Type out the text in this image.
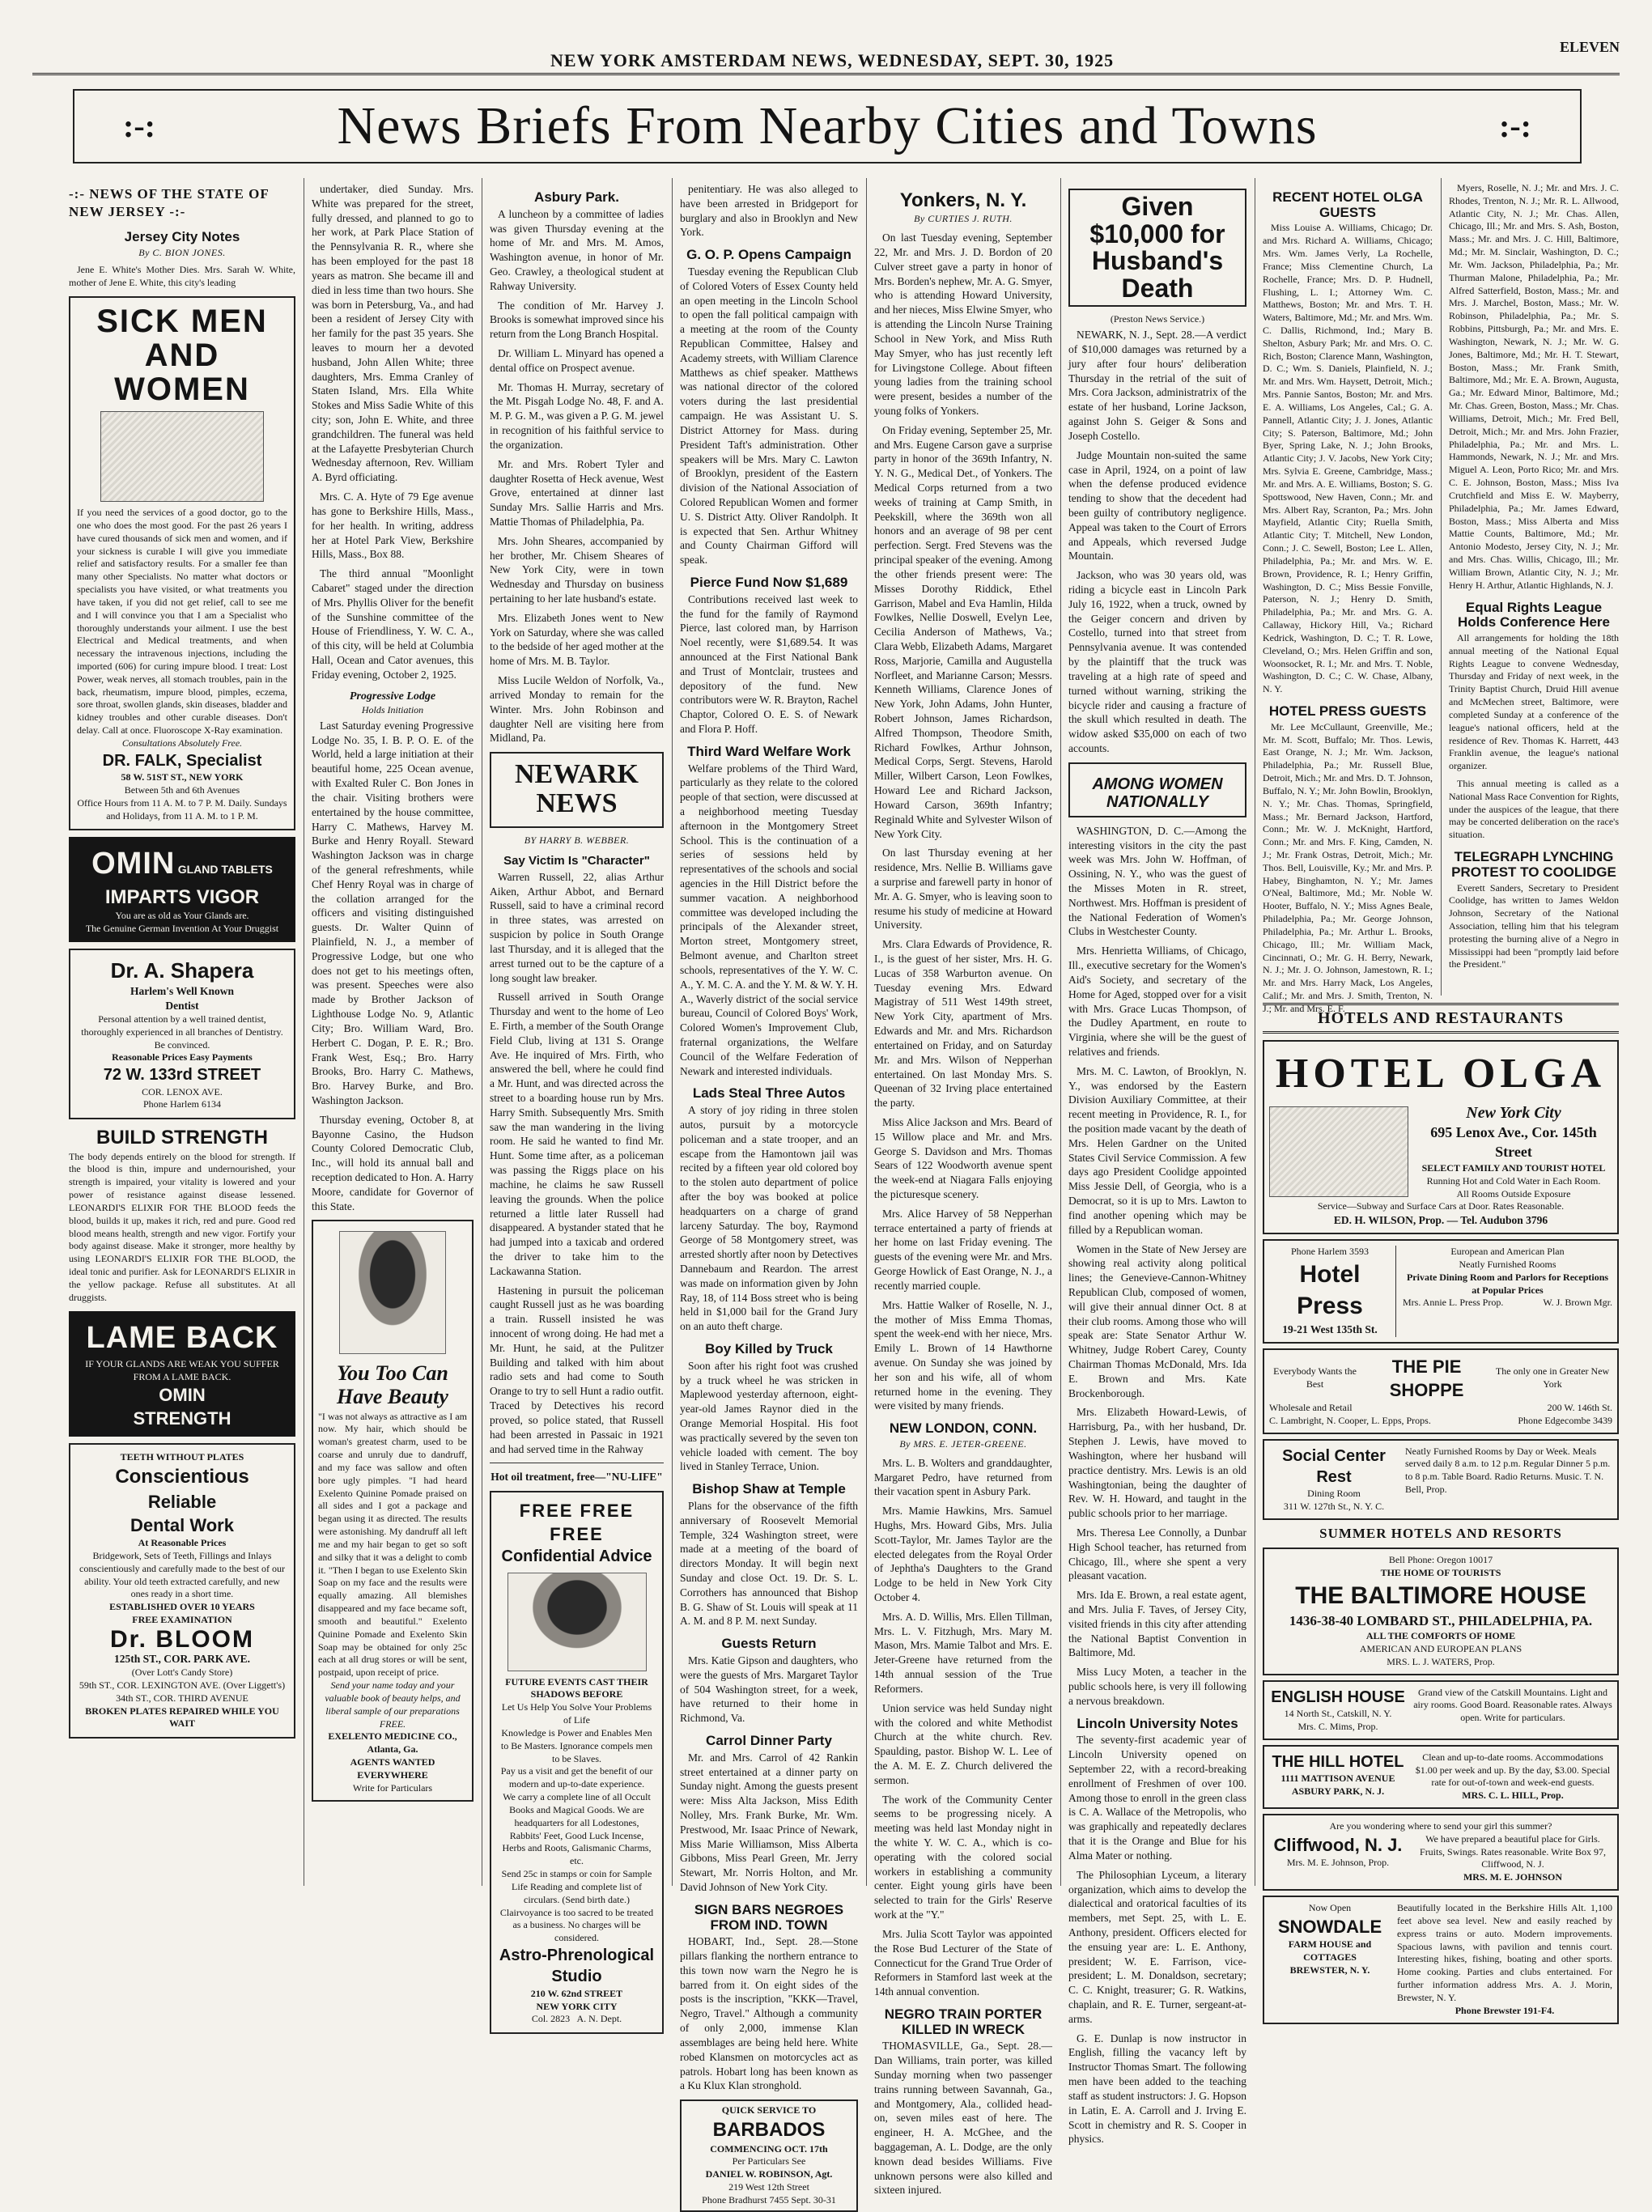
NEW YORK AMSTERDAM NEWS, WEDNESDAY, SEPT. 30, 1925
ELEVEN
:-:	News Briefs From Nearby Cities and Towns	:-:
-:- NEWS OF THE STATE OF NEW JERSEY -:-
Jersey City Notes
By C. BION JONES.
Jene E. White's Mother Dies. Mrs. Sarah W. White, mother of Jene E. White, this city's leading
SICK MEN AND WOMEN
If you need the services of a good doctor, go to the one who does the most good. For the past 26 years I have cured thousands of sick men and women, and if your sickness is curable I will give you immediate relief and satisfactory results. For a smaller fee than many other Specialists. No matter what doctors or specialists you have visited, or what treatments you have taken, if you did not get relief, call to see me and I will convince you that I am a Specialist who thoroughly understands your ailment. I use the best Electrical and Medical treatments, and when necessary the intravenous injections, including the imported (606) for curing impure blood. I treat: Lost Power, weak nerves, all stomach troubles, pain in the back, rheumatism, impure blood, pimples, eczema, sore throat, swollen glands, skin diseases, bladder and kidney troubles and other curable diseases. Don't delay. Call at once. Fluoroscope X-Ray examination.
Consultations Absolutely Free.
DR. FALK, Specialist
58 W. 51ST ST., NEW YORK
Between 5th and 6th Avenues
Office Hours from 11 A. M. to 7 P. M. Daily. Sundays and Holidays, from 11 A. M. to 1 P. M.
OMIN GLAND TABLETS
IMPARTS VIGOR
You are as old as Your Glands are.
The Genuine German Invention At Your Druggist
Dr. A. Shapera
Harlem's Well Known
Dentist
Personal attention by a well trained dentist, thoroughly experienced in all branches of Dentistry. Be convinced.
Reasonable Prices Easy Payments
72 W. 133rd STREET
COR. LENOX AVE.
Phone Harlem 6134
BUILD STRENGTH
The body depends entirely on the blood for strength. If the blood is thin, impure and undernourished, your strength is impaired, your vitality is lowered and your power of resistance against disease lessened. LEONARDI'S ELIXIR FOR THE BLOOD feeds the blood, builds it up, makes it rich, red and pure. Good red blood means health, strength and new vigor. Fortify your body against disease. Make it stronger, more healthy by using LEONARDI'S ELIXIR FOR THE BLOOD, the ideal tonic and purifier. Ask for LEONARDI'S ELIXIR in the yellow package. Refuse all substitutes. At all druggists.
LAME BACK
IF YOUR GLANDS ARE WEAK YOU SUFFER FROM A LAME BACK.
OMIN
STRENGTH
TEETH WITHOUT PLATES
Conscientious
Reliable
Dental Work
At Reasonable Prices
Bridgework, Sets of Teeth, Fillings and Inlays conscientiously and carefully made to the best of our ability. Your old teeth extracted carefully, and new ones ready in a short time.
ESTABLISHED OVER 10 YEARS
FREE EXAMINATION
Dr. BLOOM
125th ST., COR. PARK AVE.
(Over Lott's Candy Store)
59th ST., COR. LEXINGTON AVE. (Over Liggett's)
34th ST., COR. THIRD AVENUE
BROKEN PLATES REPAIRED WHILE YOU WAIT
undertaker, died Sunday. Mrs. White was prepared for the street, fully dressed, and planned to go to her work, at Park Place Station of the Pennsylvania R. R., where she has been employed for the past 18 years as matron. She became ill and died in less time than two hours. She was born in Petersburg, Va., and had been a resident of Jersey City with her family for the past 35 years. She leaves to mourn her a devoted husband, John Allen White; three daughters, Mrs. Emma Cranley of Staten Island, Mrs. Ella White Stokes and Miss Sadie White of this city; son, John E. White, and three grandchildren. The funeral was held at the Lafayette Presbyterian Church Wednesday afternoon, Rev. William A. Byrd officiating.
Mrs. C. A. Hyte of 79 Ege avenue has gone to Berkshire Hills, Mass., for her health. In writing, address her at Hotel Park View, Berkshire Hills, Mass., Box 88.
The third annual "Moonlight Cabaret" staged under the direction of Mrs. Phyllis Oliver for the benefit of the Sunshine committee of the House of Friendliness, Y. W. C. A., of this city, will be held at Columbia Hall, Ocean and Cator avenues, this Friday evening, October 2, 1925.
Progressive Lodge
Holds Initiation
Last Saturday evening Progressive Lodge No. 35, I. B. P. O. E. of the World, held a large initiation at their beautiful home, 225 Ocean avenue, with Exalted Ruler C. Bon Jones in the chair. Visiting brothers were entertained by the house committee, Harry C. Mathews, Harvey M. Burke and Henry Royall. Steward Washington Jackson was in charge of the general refreshments, while Chef Henry Royal was in charge of the collation arranged for the officers and visiting distinguished guests. Dr. Walter Quinn of Plainfield, N. J., a member of Progressive Lodge, but one who does not get to his meetings often, was present. Speeches were also made by Brother Jackson of Lighthouse Lodge No. 9, Atlantic City; Bro. William Ward, Bro. Herbert C. Dogan, P. E. R.; Bro. Frank West, Esq.; Bro. Harry Brooks, Bro. Harry C. Mathews, Bro. Harvey Burke, and Bro. Washington Jackson.
Thursday evening, October 8, at Bayonne Casino, the Hudson County Colored Democratic Club, Inc., will hold its annual ball and reception dedicated to Hon. A. Harry Moore, candidate for Governor of this State.
You Too Can Have Beauty
"I was not always as attractive as I am now. My hair, which should be woman's greatest charm, used to be coarse and unruly due to dandruff, and my face was sallow and often bore ugly pimples. "I had heard Exelento Quinine Pomade praised on all sides and I got a package and began using it as directed. The results were astonishing. My dandruff all left me and my hair began to get so soft and silky that it was a delight to comb it. "Then I began to use Exelento Skin Soap on my face and the results were equally amazing. All blemishes disappeared and my face became soft, smooth and beautiful." Exelento Quinine Pomade and Exelento Skin Soap may be obtained for only 25c each at all drug stores or will be sent, postpaid, upon receipt of price.
Send your name today and your valuable book of beauty helps, and liberal sample of our preparations FREE.
EXELENTO MEDICINE CO., Atlanta, Ga.
AGENTS WANTED EVERYWHERE
Write for Particulars
Asbury Park.
A luncheon by a committee of ladies was given Thursday evening at the home of Mr. and Mrs. M. Amos, Washington avenue, in honor of Mr. Geo. Crawley, a theological student at Rahway University.
The condition of Mr. Harvey J. Brooks is somewhat improved since his return from the Long Branch Hospital.
Dr. William L. Minyard has opened a dental office on Prospect avenue.
Mr. Thomas H. Murray, secretary of the Mt. Pisgah Lodge No. 48, F. and A. M. P. G. M., was given a P. G. M. jewel in recognition of his faithful service to the organization.
Mr. and Mrs. Robert Tyler and daughter Rosetta of Heck avenue, West Grove, entertained at dinner last Sunday Mrs. Sallie Harris and Mrs. Mattie Thomas of Philadelphia, Pa.
Mrs. John Sheares, accompanied by her brother, Mr. Chisem Sheares of New York City, were in town Wednesday and Thursday on business pertaining to her late husband's estate.
Mrs. Elizabeth Jones went to New York on Saturday, where she was called to the bedside of her aged mother at the home of Mrs. M. B. Taylor.
Miss Lucile Weldon of Norfolk, Va., arrived Monday to remain for the Winter. Mrs. John Robinson and daughter Nell are visiting here from Midland, Pa.
NEWARK NEWS
BY HARRY B. WEBBER.
Say Victim Is "Character"
Warren Russell, 22, alias Arthur Aiken, Arthur Abbot, and Bernard Russell, said to have a criminal record in three states, was arrested on suspicion by police in South Orange last Thursday, and it is alleged that the arrest turned out to be the capture of a long sought law breaker.
Russell arrived in South Orange Thursday and went to the home of Leo E. Firth, a member of the South Orange Field Club, living at 131 S. Orange Ave. He inquired of Mrs. Firth, who answered the bell, where he could find a Mr. Hunt, and was directed across the street to a boarding house run by Mrs. Harry Smith. Subsequently Mrs. Smith saw the man wandering in the living room. He said he wanted to find Mr. Hunt. Some time after, as a policeman was passing the Riggs place on his machine, he claims he saw Russell leaving the grounds. When the police returned a little later Russell had disappeared. A bystander stated that he had jumped into a taxicab and ordered the driver to take him to the Lackawanna Station.
Hastening in pursuit the policeman caught Russell just as he was boarding a train. Russell insisted he was innocent of wrong doing. He had met a Mr. Hunt, he said, at the Pulitzer Building and talked with him about radio sets and had come to South Orange to try to sell Hunt a radio outfit. Traced by Detectives his record proved, so police stated, that Russell had been arrested in Passaic in 1921 and had served time in the Rahway
Hot oil treatment, free—"NU-LIFE"
FREE FREE FREE
Confidential Advice
FUTURE EVENTS CAST THEIR SHADOWS BEFORE
Let Us Help You Solve Your Problems of Life
Knowledge is Power and Enables Men to Be Masters. Ignorance compels men to be Slaves.
Pay us a visit and get the benefit of our modern and up-to-date experience.
We carry a complete line of all Occult Books and Magical Goods. We are headquarters for all Lodestones, Rabbits' Feet, Good Luck Incense, Herbs and Roots, Galismanic Charms, etc.
Send 25c in stamps or coin for Sample Life Reading and complete list of circulars. (Send birth date.) Clairvoyance is too sacred to be treated as a business. No charges will be considered.
Astro-Phrenological Studio
210 W. 62nd STREET
NEW YORK CITY
Col. 2823 A. N. Dept.
penitentiary. He was also alleged to have been arrested in Bridgeport for burglary and also in Brooklyn and New York.
G. O. P. Opens Campaign
Tuesday evening the Republican Club of Colored Voters of Essex County held an open meeting in the Lincoln School to open the fall political campaign with a meeting at the room of the County Republican Committee, Halsey and Academy streets, with William Clarence Matthews as chief speaker. Matthews was national director of the colored voters during the last presidential campaign. He was Assistant U. S. District Attorney for Mass. during President Taft's administration. Other speakers will be Mrs. Mary C. Lawton of Brooklyn, president of the Eastern division of the National Association of Colored Republican Women and former U. S. District Atty. Oliver Randolph. It is expected that Sen. Arthur Whitney and County Chairman Gifford will speak.
Pierce Fund Now $1,689
Contributions received last week to the fund for the family of Raymond Pierce, last colored man, by Harrison Noel recently, were $1,689.54. It was announced at the First National Bank and Trust of Montclair, trustees and depository of the fund. New contributors were W. R. Brayton, Rachel Chaptor, Colored O. E. S. of Newark and Flora P. Hoff.
Third Ward Welfare Work
Welfare problems of the Third Ward, particularly as they relate to the colored people of that section, were discussed at a neighborhood meeting Tuesday afternoon in the Montgomery Street School. This is the continuation of a series of sessions held by representatives of the schools and social agencies in the Hill District before the summer vacation. A neighborhood committee was developed including the principals of the Alexander street, Morton street, Montgomery street, Belmont avenue, and Charlton street schools, representatives of the Y. W. C. A., Y. M. C. A. and the Y. M. & W. Y. H. A., Waverly district of the social service bureau, Council of Colored Boys' Work, Colored Women's Improvement Club, fraternal organizations, the Welfare Council of the Welfare Federation of Newark and interested individuals.
Lads Steal Three Autos
A story of joy riding in three stolen autos, pursuit by a motorcycle policeman and a state trooper, and an escape from the Hamontown jail was recited by a fifteen year old colored boy to the stolen auto department of police after the boy was booked at police headquarters on a charge of grand larceny Saturday. The boy, Raymond George of 58 Montgomery street, was arrested shortly after noon by Detectives Dannebaum and Reardon. The arrest was made on information given by John Ray, 18, of 114 Boss street who is being held in $1,000 bail for the Grand Jury on an auto theft charge.
Boy Killed by Truck
Soon after his right foot was crushed by a truck wheel he was stricken in Maplewood yesterday afternoon, eight-year-old James Raynor died in the Orange Memorial Hospital. His foot was practically severed by the seven ton vehicle loaded with cement. The boy lived in Stanley Terrace, Union.
Bishop Shaw at Temple
Plans for the observance of the fifth anniversary of Roosevelt Memorial Temple, 324 Washington street, were made at a meeting of the board of directors Monday. It will begin next Sunday and close Oct. 19. Dr. S. L. Corrothers has announced that Bishop B. G. Shaw of St. Louis will speak at 11 A. M. and 8 P. M. next Sunday.
Guests Return
Mrs. Katie Gipson and daughters, who were the guests of Mrs. Margaret Taylor of 504 Washington street, for a week, have returned to their home in Richmond, Va.
Carrol Dinner Party
Mr. and Mrs. Carrol of 42 Rankin street entertained at a dinner party on Sunday night. Among the guests present were: Miss Alta Jackson, Miss Edith Nolley, Mrs. Frank Burke, Mr. Wm. Prestwood, Mr. Isaac Prince of Newark, Miss Marie Williamson, Miss Alberta Gibbons, Miss Pearl Green, Mr. Jerry Stewart, Mr. Norris Holton, and Mr. David Johnson of New York City.
SIGN BARS NEGROES FROM IND. TOWN
HOBART, Ind., Sept. 28.—Stone pillars flanking the northern entrance to this town now warn the Negro he is barred from it. On eight sides of the posts is the inscription, "KKK—Travel, Negro, Travel." Although a community of only 2,000, immense Klan assemblages are being held here. White robed Klansmen on motorcycles act as patrols. Hobart long has been known as a Ku Klux Klan stronghold.
QUICK SERVICE TO
BARBADOS
COMMENCING OCT. 17th
Per Particulars See
DANIEL W. ROBINSON, Agt.
219 West 12th Street
Phone Bradhurst 7455 Sept. 30-31
Yonkers, N. Y.
By CURTIES J. RUTH.
On last Tuesday evening, September 22, Mr. and Mrs. J. D. Bordon of 20 Culver street gave a party in honor of Mrs. Borden's nephew, Mr. A. G. Smyer, who is attending Howard University, and her nieces, Miss Elwine Smyer, who is attending the Lincoln Nurse Training School in New York, and Miss Ruth May Smyer, who has just recently left for Livingstone College. About fifteen young ladies from the training school were present, besides a number of the young folks of Yonkers.
On Friday evening, September 25, Mr. and Mrs. Eugene Carson gave a surprise party in honor of the 369th Infantry, N. Y. N. G., Medical Det., of Yonkers. The Medical Corps returned from a two weeks of training at Camp Smith, in Peekskill, where the 369th won all honors and an average of 98 per cent perfection. Sergt. Fred Stevens was the principal speaker of the evening. Among the other friends present were: The Misses Dorothy Riddick, Ethel Garrison, Mabel and Eva Hamlin, Hilda Fowlkes, Nellie Doswell, Evelyn Lee, Cecilia Anderson of Mathews, Va.; Clara Webb, Elizabeth Adams, Margaret Ross, Marjorie, Camilla and Augustella Norfleet, and Marianne Carson; Messrs. Kenneth Williams, Clarence Jones of New York, John Adams, John Hunter, Robert Johnson, James Richardson, Alfred Thompson, Theodore Smith, Richard Fowlkes, Arthur Johnson, Medical Corps, Sergt. Stevens, Harold Miller, Wilbert Carson, Leon Fowlkes, Howard Lee and Richard Jackson, Howard Carson, 369th Infantry; Reginald White and Sylvester Wilson of New York City.
On last Thursday evening at her residence, Mrs. Nellie B. Williams gave a surprise and farewell party in honor of Mr. A. G. Smyer, who is leaving soon to resume his study of medicine at Howard University.
Mrs. Clara Edwards of Providence, R. I., is the guest of her sister, Mrs. H. G. Lucas of 358 Warburton avenue. On Tuesday evening Mrs. Edward Magistray of 511 West 149th street, New York City, apartment of Mrs. Edwards and Mr. and Mrs. Richardson entertained on Friday, and on Saturday Mr. and Mrs. Wilson of Nepperhan entertained. On last Monday Mrs. S. Queenan of 32 Irving place entertained the party.
Miss Alice Jackson and Mrs. Beard of 15 Willow place and Mr. and Mrs. George S. Davidson and Mrs. Thomas Sears of 122 Woodworth avenue spent the week-end at Niagara Falls enjoying the picturesque scenery.
Mrs. Alice Harvey of 58 Nepperhan terrace entertained a party of friends at her home on last Friday evening. The guests of the evening were Mr. and Mrs. George Howlick of East Orange, N. J., a recently married couple.
Mrs. Hattie Walker of Roselle, N. J., the mother of Miss Emma Thomas, spent the week-end with her niece, Mrs. Emily L. Brown of 14 Hawthorne avenue. On Sunday she was joined by her son and his wife, all of whom returned home in the evening. They were visited by many friends.
NEW LONDON, CONN.
By MRS. E. JETER-GREENE.
Mrs. L. B. Wolters and granddaughter, Margaret Pedro, have returned from their vacation spent in Asbury Park.
Mrs. Mamie Hawkins, Mrs. Samuel Hughs, Mrs. Howard Gibs, Mrs. Julia Scott-Taylor, Mr. James Taylor are the elected delegates from the Royal Order of Jephtha's Daughters to the Grand Lodge to be held in New York City October 4.
Mrs. A. D. Willis, Mrs. Ellen Tillman, Mrs. L. V. Fitzhugh, Mrs. Mary M. Mason, Mrs. Mamie Talbot and Mrs. E. Jeter-Greene have returned from the 14th annual session of the True Reformers.
Union service was held Sunday night with the colored and white Methodist Church at the white church. Rev. Spaulding, pastor. Bishop W. L. Lee of the A. M. E. Z. Church delivered the sermon.
The work of the Community Center seems to be progressing nicely. A meeting was held last Monday night in the white Y. W. C. A., which is co-operating with the colored social workers in establishing a community center. Eight young girls have been selected to train for the Girls' Reserve work at the "Y."
Mrs. Julia Scott Taylor was appointed the Rose Bud Lecturer of the State of Connecticut for the Grand True Order of Reformers in Stamford last week at the 14th annual convention.
NEGRO TRAIN PORTER KILLED IN WRECK
THOMASVILLE, Ga., Sept. 28.—Dan Williams, train porter, was killed Sunday morning when two passenger trains running between Savannah, Ga., and Montgomery, Ala., collided head-on, seven miles east of here. The engineer, H. A. McGhee, and the baggageman, A. L. Dodge, are the only known dead besides Williams. Five unknown persons were also killed and sixteen injured.
Given $10,000 for Husband's Death
(Preston News Service.)
NEWARK, N. J., Sept. 28.—A verdict of $10,000 damages was returned by a jury after four hours' deliberation Thursday in the retrial of the suit of Mrs. Cora Jackson, administratrix of the estate of her husband, Lorine Jackson, against John S. Geiger & Sons and Joseph Costello.
Judge Mountain non-suited the same case in April, 1924, on a point of law when the defense produced evidence tending to show that the decedent had been guilty of contributory negligence. Appeal was taken to the Court of Errors and Appeals, which reversed Judge Mountain.
Jackson, who was 30 years old, was riding a bicycle east in Lincoln Park July 16, 1922, when a truck, owned by the Geiger concern and driven by Costello, turned into that street from Pennsylvania avenue. It was contended by the plaintiff that the truck was traveling at a high rate of speed and turned without warning, striking the bicycle rider and causing a fracture of the skull which resulted in death. The widow asked $35,000 on each of two accounts.
AMONG WOMEN NATIONALLY
WASHINGTON, D. C.—Among the interesting visitors in the city the past week was Mrs. John W. Hoffman, of Ossining, N. Y., who was the guest of the Misses Moten in R. street, Northwest. Mrs. Hoffman is president of the National Federation of Women's Clubs in Westchester County.
Mrs. Henrietta Williams, of Chicago, Ill., executive secretary for the Women's Aid's Society, and secretary of the Home for Aged, stopped over for a visit with Mrs. Grace Lucas Thompson, of the Dudley Apartment, en route to Virginia, where she will be the guest of relatives and friends.
Mrs. M. C. Lawton, of Brooklyn, N. Y., was endorsed by the Eastern Division Auxiliary Committee, at their recent meeting in Providence, R. I., for the position made vacant by the death of Mrs. Helen Gardner on the United States Civil Service Commission. A few days ago President Coolidge appointed Miss Jessie Dell, of Georgia, who is a Democrat, so it is up to Mrs. Lawton to find another opening which may be filled by a Republican woman.
Women in the State of New Jersey are showing real activity along political lines; the Genevieve-Cannon-Whitney Republican Club, composed of women, will give their annual dinner Oct. 8 at their club rooms. Among those who will speak are: State Senator Arthur W. Whitney, Judge Robert Carey, County Chairman Thomas McDonald, Mrs. Ida E. Brown and Mrs. Kate Brockenborough.
Mrs. Elizabeth Howard-Lewis, of Harrisburg, Pa., with her husband, Dr. Stephen J. Lewis, have moved to Washington, where her husband will practice dentistry. Mrs. Lewis is an old Washingtonian, being the daughter of Rev. W. H. Howard, and taught in the public schools prior to her marriage.
Mrs. Theresa Lee Connolly, a Dunbar High School teacher, has returned from Chicago, Ill., where she spent a very pleasant vacation.
Mrs. Ida E. Brown, a real estate agent, and Mrs. Julia F. Taves, of Jersey City, visited friends in this city after attending the National Baptist Convention in Baltimore, Md.
Miss Lucy Moten, a teacher in the public schools here, is very ill following a nervous breakdown.
Lincoln University Notes
The seventy-first academic year of Lincoln University opened on September 22, with a record-breaking enrollment of Freshmen of over 100. Among those to enroll in the green class is C. A. Wallace of the Metropolis, who was graphically and repeatedly declares that it is the Orange and Blue for his Alma Mater or nothing.
The Philosophian Lyceum, a literary organization, which aims to develop the dialectical and oratorical faculties of its members, met Sept. 25, with L. E. Anthony, president. Officers elected for the ensuing year are: L. E. Anthony, president; W. E. Farrison, vice-president; L. M. Donaldson, secretary; C. C. Knight, treasurer; G. R. Watkins, chaplain, and R. E. Turner, sergeant-at-arms.
G. E. Dunlap is now instructor in English, filling the vacancy left by Instructor Thomas Smart. The following men have been added to the teaching staff as student instructors: J. G. Hopson in Latin, E. A. Carroll and J. Irving E. Scott in chemistry and R. S. Cooper in physics.
RECENT HOTEL OLGA GUESTS
Miss Louise A. Williams, Chicago; Dr. and Mrs. Richard A. Williams, Chicago; Mrs. Wm. James Verly, La Rochelle, France; Miss Clementine Church, La Rochelle, France; Mrs. D. P. Hudnell, Flushing, L. I.; Attorney Wm. C. Matthews, Boston; Mr. and Mrs. T. H. Waters, Baltimore, Md.; Mr. and Mrs. Wm. C. Dallis, Richmond, Ind.; Mary B. Shelton, Asbury Park; Mr. and Mrs. O. C. Rich, Boston; Clarence Mann, Washington, D. C.; Wm. S. Daniels, Plainfield, N. J.; Mr. and Mrs. Wm. Haysett, Detroit, Mich.; Mrs. Pannie Santos, Boston; Mr. and Mrs. E. A. Williams, Los Angeles, Cal.; G. A. Pannell, Atlantic City; J. J. Jones, Atlantic City; S. Paterson, Baltimore, Md.; John Byer, Spring Lake, N. J.; John Brooks, Atlantic City; J. V. Jacobs, New York City; Mrs. Sylvia E. Greene, Cambridge, Mass.; Mr. and Mrs. A. E. Williams, Boston; S. G. Spottswood, New Haven, Conn.; Mr. and Mrs. Albert Ray, Scranton, Pa.; Mrs. John Mayfield, Atlantic City; Ruella Smith, Atlantic City; T. Mitchell, New London, Conn.; J. C. Sewell, Boston; Lee L. Allen, Philadelphia, Pa.; Mr. and Mrs. W. E. Brown, Providence, R. I.; Henry Griffin, Washington, D. C.; Miss Bessie Fonville, Paterson, N. J.; Henry D. Smith, Philadelphia, Pa.; Mr. and Mrs. G. A. Callaway, Hickory Hill, Va.; Richard Kedrick, Washington, D. C.; T. R. Lowe, Cleveland, O.; Mrs. Helen Griffin and son, Woonsocket, R. I.; Mr. and Mrs. T. Noble, Washington, D. C.; C. W. Chase, Albany, N. Y.
HOTEL PRESS GUESTS
Mr. Lee McCullaunt, Greenville, Me.; Mr. M. Scott, Buffalo; Mr. Thos. Lewis, East Orange, N. J.; Mr. Wm. Jackson, Philadelphia, Pa.; Mr. Russell Blue, Detroit, Mich.; Mr. and Mrs. D. T. Johnson, Buffalo, N. Y.; Mr. John Bowlin, Brooklyn, N. Y.; Mr. Chas. Thomas, Springfield, Mass.; Mr. Bernard Jackson, Hartford, Conn.; Mr. W. J. McKnight, Hartford, Conn.; Mr. and Mrs. F. King, Camden, N. J.; Mr. Frank Ostras, Detroit, Mich.; Mr. Thos. Bell, Louisville, Ky.; Mr. and Mrs. P. Habey, Binghamton, N. Y.; Mr. James O'Neal, Baltimore, Md.; Mr. Noble W. Hooter, Buffalo, N. Y.; Miss Agnes Beale, Philadelphia, Pa.; Mr. George Johnson, Philadelphia, Pa.; Mr. Arthur L. Brooks, Chicago, Ill.; Mr. William Mack, Cincinnati, O.; Mr. G. H. Berry, Newark, N. J.; Mr. J. O. Johnson, Jamestown, R. I.; Mr. and Mrs. Harry Mack, Los Angeles, Calif.; Mr. and Mrs. J. Smith, Trenton, N. J.; Mr. and Mrs. E. F.
Myers, Roselle, N. J.; Mr. and Mrs. J. C. Rhodes, Trenton, N. J.; Mr. R. L. Allwood, Atlantic City, N. J.; Mr. Chas. Allen, Chicago, Ill.; Mr. and Mrs. S. Ash, Boston, Mass.; Mr. and Mrs. J. C. Hill, Baltimore, Md.; Mr. M. Sinclair, Washington, D. C.; Mr. Wm. Jackson, Philadelphia, Pa.; Mr. Thurman Malone, Philadelphia, Pa.; Mr. Alfred Satterfield, Boston, Mass.; Mr. and Mrs. J. Marchel, Boston, Mass.; Mr. W. Robinson, Philadelphia, Pa.; Mr. S. Robbins, Pittsburgh, Pa.; Mr. and Mrs. E. Washington, Newark, N. J.; Mr. W. G. Jones, Baltimore, Md.; Mr. H. T. Stewart, Boston, Mass.; Mr. Frank Smith, Baltimore, Md.; Mr. E. A. Brown, Augusta, Ga.; Mr. Edward Minor, Baltimore, Md.; Mr. Chas. Green, Boston, Mass.; Mr. Chas. Williams, Detroit, Mich.; Mr. Fred Bell, Detroit, Mich.; Mr. and Mrs. John Frazier, Philadelphia, Pa.; Mr. and Mrs. L. Hammonds, Newark, N. J.; Mr. and Mrs. Miguel A. Leon, Porto Rico; Mr. and Mrs. C. E. Johnson, Boston, Mass.; Miss Iva Crutchfield and Miss E. W. Mayberry, Philadelphia, Pa.; Mr. James Edward, Boston, Mass.; Miss Alberta and Miss Mattie Counts, Baltimore, Md.; Mr. Antonio Modesto, Jersey City, N. J.; Mr. and Mrs. Chas. Willis, Chicago, Ill.; Mr. William Brown, Atlantic City, N. J.; Mr. Henry H. Arthur, Atlantic Highlands, N. J.
Equal Rights League Holds Conference Here
All arrangements for holding the 18th annual meeting of the National Equal Rights League to convene Wednesday, Thursday and Friday of next week, in the Trinity Baptist Church, Druid Hill avenue and McMechen street, Baltimore, were completed Sunday at a conference of the league's national officers, held at the residence of Rev. Thomas K. Harrett, 443 Franklin avenue, the league's national organizer.
This annual meeting is called as a National Mass Race Convention for Rights, under the auspices of the league, that there may be concerted deliberation on the race's situation.
TELEGRAPH LYNCHING PROTEST TO COOLIDGE
Everett Sanders, Secretary to President Coolidge, has written to James Weldon Johnson, Secretary of the National Association, telling him that his telegram protesting the burning alive of a Negro in Mississippi had been "promptly laid before the President."
HOTELS AND RESTAURANTS
HOTEL OLGA
New York City
695 Lenox Ave., Cor. 145th Street
SELECT FAMILY AND TOURIST HOTEL
Running Hot and Cold Water in Each Room.
All Rooms Outside Exposure
Service—Subway and Surface Cars at Door. Rates Reasonable.
ED. H. WILSON, Prop. — Tel. Audubon 3796
Phone Harlem 3593
Hotel Press
19-21 West 135th St.
European and American Plan
Neatly Furnished Rooms
Private Dining Room and Parlors for Receptions at Popular Prices
Mrs. Annie L. Press Prop.	W. J. Brown Mgr.
Everybody Wants the Best
THE PIE SHOPPE
The only one in Greater New York
Wholesale and Retail	200 W. 146th St.
C. Lambright, N. Cooper, L. Epps, Props.	Phone Edgecombe 3439
Social Center Rest
Dining Room
311 W. 127th St., N. Y. C.
Neatly Furnished Rooms by Day or Week. Meals served daily 8 a.m. to 12 p.m. Regular Dinner 5 p.m. to 8 p.m. Table Board. Radio Returns. Music. T. N. Bell, Prop.
SUMMER HOTELS AND RESORTS
Bell Phone: Oregon 10017
THE HOME OF TOURISTS
THE BALTIMORE HOUSE
1436-38-40 LOMBARD ST., PHILADELPHIA, PA.
ALL THE COMFORTS OF HOME
AMERICAN AND EUROPEAN PLANS
MRS. L. J. WATERS, Prop.
ENGLISH HOUSE
14 North St., Catskill, N. Y.
Mrs. C. Mims, Prop.
Grand view of the Catskill Mountains. Light and airy rooms. Good Board. Reasonable rates. Always open. Write for particulars.
THE HILL HOTEL
1111 MATTISON AVENUE
ASBURY PARK, N. J.
Clean and up-to-date rooms. Accommodations $1.00 per week and up. By the day, $3.00. Special rate for out-of-town and week-end guests.
MRS. C. L. HILL, Prop.
Are you wondering where to send your girl this summer?
Cliffwood, N. J.
Mrs. M. E. Johnson, Prop.
We have prepared a beautiful place for Girls. Fruits, Swings. Rates reasonable. Write Box 97, Cliffwood, N. J.
MRS. M. E. JOHNSON
Now Open
SNOWDALE
FARM HOUSE and COTTAGES
BREWSTER, N. Y.
Beautifully located in the Berkshire Hills Alt. 1,100 feet above sea level. New and easily reached by express trains or auto. Modern improvements. Spacious lawns, with pavilion and tennis court. Interesting hikes, fishing, boating and other sports. Home cooking. Parties and clubs entertained. For further information address Mrs. A. J. Morin, Brewster, N. Y.
Phone Brewster 191-F4.
